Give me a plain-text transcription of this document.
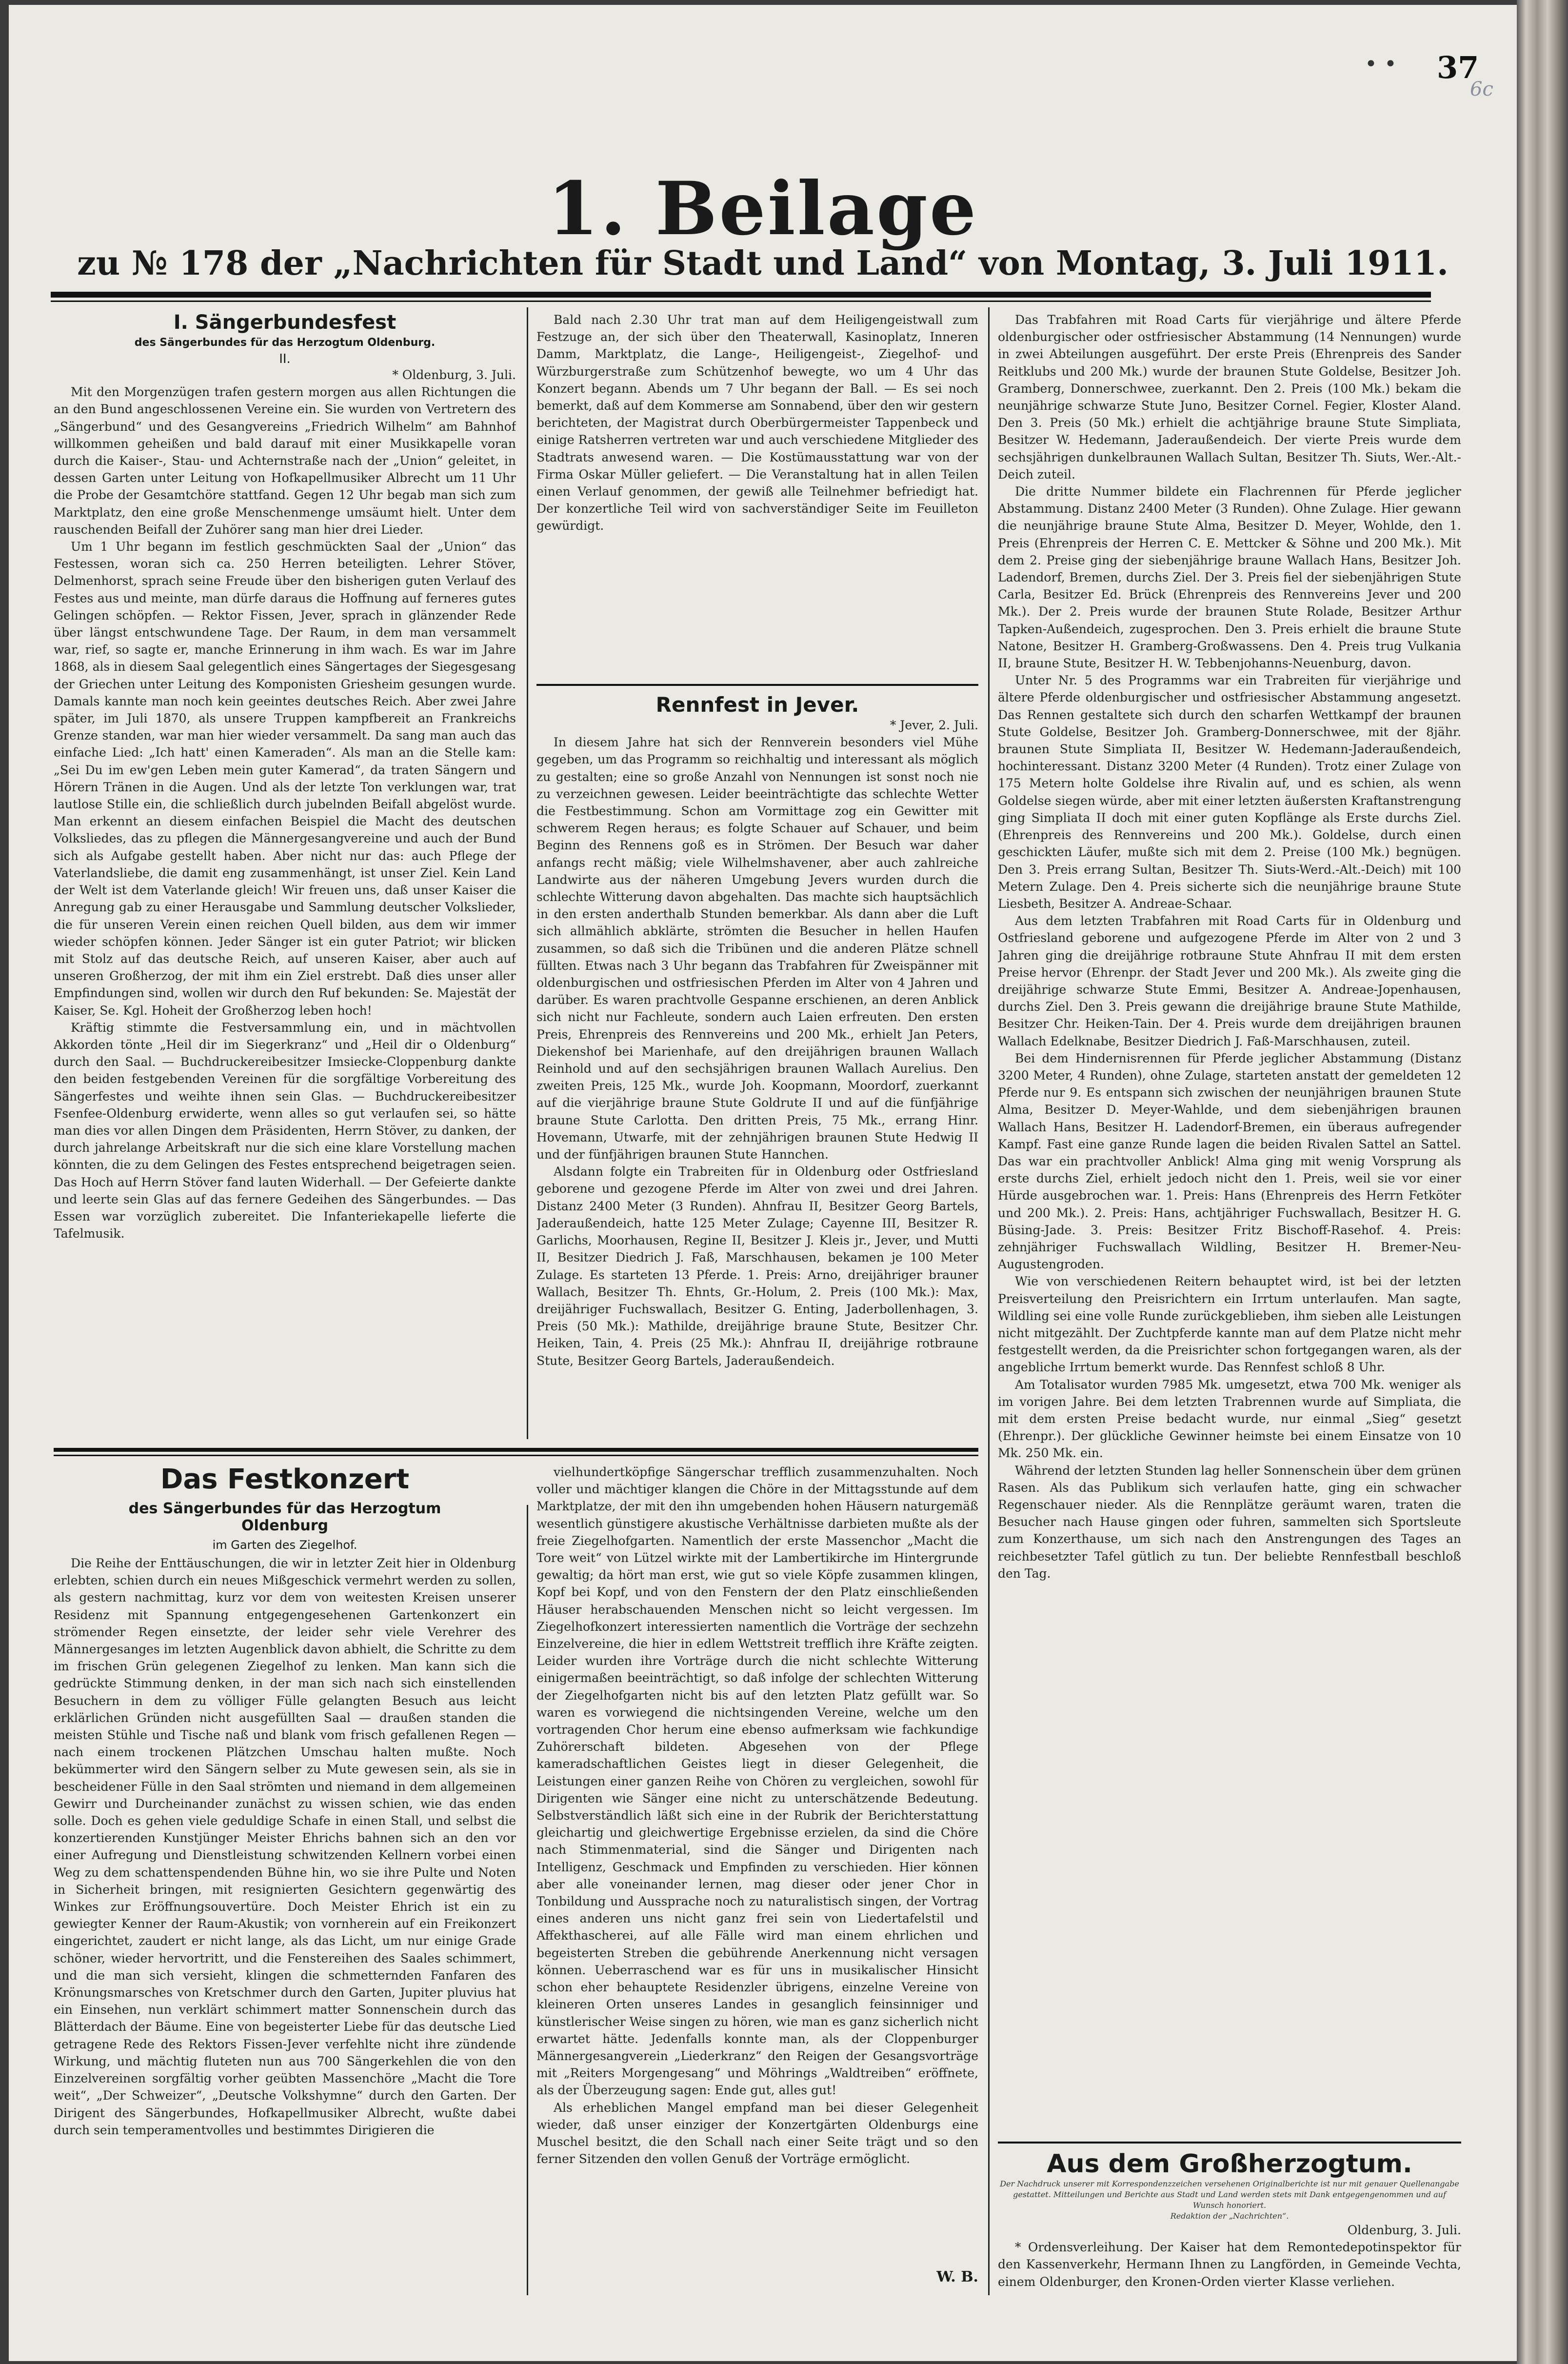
• • 37
6c
1. Beilage
zu № 178 der „Nachrichten für Stadt und Land“ von Montag, 3. Juli 1911.
I. Sängerbundesfest
des Sängerbundes für das Herzogtum Oldenburg.
II.

* Oldenburg, 3. Juli.

Mit den Morgenzügen trafen gestern morgen aus allen Richtungen die an den Bund angeschlossenen Vereine ein. Sie wurden von Vertretern des „Sängerbund“ und des Gesangvereins „Friedrich Wilhelm“ am Bahnhof willkommen geheißen und bald darauf mit einer Musikkapelle voran durch die Kaiser-, Stau- und Achternstraße nach der „Union“ geleitet, in dessen Garten unter Leitung von Hofkapellmusiker Albrecht um 11 Uhr die Probe der Gesamtchöre stattfand. Gegen 12 Uhr begab man sich zum Marktplatz, den eine große Menschenmenge umsäumt hielt. Unter dem rauschenden Beifall der Zuhörer sang man hier drei Lieder.

Um 1 Uhr begann im festlich geschmückten Saal der „Union“ das Festessen, woran sich ca. 250 Herren beteiligten. Lehrer Stöver, Delmenhorst, sprach seine Freude über den bisherigen guten Verlauf des Festes aus und meinte, man dürfe daraus die Hoffnung auf ferneres gutes Gelingen schöpfen. — Rektor Fissen, Jever, sprach in glänzender Rede über längst entschwundene Tage. Der Raum, in dem man versammelt war, rief, so sagte er, manche Erinnerung in ihm wach. Es war im Jahre 1868, als in diesem Saal gelegentlich eines Sängertages der Siegesgesang der Griechen unter Leitung des Komponisten Griesheim gesungen wurde. Damals kannte man noch kein geeintes deutsches Reich. Aber zwei Jahre später, im Juli 1870, als unsere Truppen kampfbereit an Frankreichs Grenze standen, war man hier wieder versammelt. Da sang man auch das einfache Lied: „Ich hatt' einen Kameraden“. Als man an die Stelle kam: „Sei Du im ew'gen Leben mein guter Kamerad“, da traten Sängern und Hörern Tränen in die Augen. Und als der letzte Ton verklungen war, trat lautlose Stille ein, die schließlich durch jubelnden Beifall abgelöst wurde. Man erkennt an diesem einfachen Beispiel die Macht des deutschen Volksliedes, das zu pflegen die Männergesangvereine und auch der Bund sich als Aufgabe gestellt haben. Aber nicht nur das: auch Pflege der Vaterlandsliebe, die damit eng zusammenhängt, ist unser Ziel. Kein Land der Welt ist dem Vaterlande gleich! Wir freuen uns, daß unser Kaiser die Anregung gab zu einer Herausgabe und Sammlung deutscher Volkslieder, die für unseren Verein einen reichen Quell bilden, aus dem wir immer wieder schöpfen können. Jeder Sänger ist ein guter Patriot; wir blicken mit Stolz auf das deutsche Reich, auf unseren Kaiser, aber auch auf unseren Großherzog, der mit ihm ein Ziel erstrebt. Daß dies unser aller Empfindungen sind, wollen wir durch den Ruf bekunden: Se. Majestät der Kaiser, Se. Kgl. Hoheit der Großherzog leben hoch!

Kräftig stimmte die Festversammlung ein, und in mächtvollen Akkorden tönte „Heil dir im Siegerkranz“ und „Heil dir o Oldenburg“ durch den Saal. — Buchdruckereibesitzer Imsiecke-Cloppenburg dankte den beiden festgebenden Vereinen für die sorgfältige Vorbereitung des Sängerfestes und weihte ihnen sein Glas. — Buchdruckereibesitzer Fsenfee-Oldenburg erwiderte, wenn alles so gut verlaufen sei, so hätte man dies vor allen Dingen dem Präsidenten, Herrn Stöver, zu danken, der durch jahrelange Arbeitskraft nur die sich eine klare Vorstellung machen könnten, die zu dem Gelingen des Festes entsprechend beigetragen seien. Das Hoch auf Herrn Stöver fand lauten Widerhall. — Der Gefeierte dankte und leerte sein Glas auf das fernere Gedeihen des Sängerbundes. — Das Essen war vorzüglich zubereitet. Die Infanteriekapelle lieferte die Tafelmusik.

Bald nach 2.30 Uhr trat man auf dem Heiligengeistwall zum Festzuge an, der sich über den Theaterwall, Kasinoplatz, Inneren Damm, Marktplatz, die Lange-, Heiligengeist-, Ziegelhof- und Würzburgerstraße zum Schützenhof bewegte, wo um 4 Uhr das Konzert begann. Abends um 7 Uhr begann der Ball. — Es sei noch bemerkt, daß auf dem Kommerse am Sonnabend, über den wir gestern berichteten, der Magistrat durch Oberbürgermeister Tappenbeck und einige Ratsherren vertreten war und auch verschiedene Mitglieder des Stadtrats anwesend waren. — Die Kostümausstattung war von der Firma Oskar Müller geliefert. — Die Veranstaltung hat in allen Teilen einen Verlauf genommen, der gewiß alle Teilnehmer befriedigt hat. Der konzertliche Teil wird von sachverständiger Seite im Feuilleton gewürdigt.

Rennfest in Jever.

* Jever, 2. Juli.

In diesem Jahre hat sich der Rennverein besonders viel Mühe gegeben, um das Programm so reichhaltig und interessant als möglich zu gestalten; eine so große Anzahl von Nennungen ist sonst noch nie zu verzeichnen gewesen. Leider beeinträchtigte das schlechte Wetter die Festbestimmung. Schon am Vormittage zog ein Gewitter mit schwerem Regen heraus; es folgte Schauer auf Schauer, und beim Beginn des Rennens goß es in Strömen. Der Besuch war daher anfangs recht mäßig; viele Wilhelmshavener, aber auch zahlreiche Landwirte aus der näheren Umgebung Jevers wurden durch die schlechte Witterung davon abgehalten. Das machte sich hauptsächlich in den ersten anderthalb Stunden bemerkbar. Als dann aber die Luft sich allmählich abklärte, strömten die Besucher in hellen Haufen zusammen, so daß sich die Tribünen und die anderen Plätze schnell füllten. Etwas nach 3 Uhr begann das Trabfahren für Zweispänner mit oldenburgischen und ostfriesischen Pferden im Alter von 4 Jahren und darüber. Es waren prachtvolle Gespanne erschienen, an deren Anblick sich nicht nur Fachleute, sondern auch Laien erfreuten. Den ersten Preis, Ehrenpreis des Rennvereins und 200 Mk., erhielt Jan Peters, Diekenshof bei Marienhafe, auf den dreijährigen braunen Wallach Reinhold und auf den sechsjährigen braunen Wallach Aurelius. Den zweiten Preis, 125 Mk., wurde Joh. Koopmann, Moordorf, zuerkannt auf die vierjährige braune Stute Goldrute II und auf die fünfjährige braune Stute Carlotta. Den dritten Preis, 75 Mk., errang Hinr. Hovemann, Utwarfe, mit der zehnjährigen braunen Stute Hedwig II und der fünfjährigen braunen Stute Hannchen.

Alsdann folgte ein Trabreiten für in Oldenburg oder Ostfriesland geborene und gezogene Pferde im Alter von zwei und drei Jahren. Distanz 2400 Meter (3 Runden). Ahnfrau II, Besitzer Georg Bartels, Jaderaußendeich, hatte 125 Meter Zulage; Cayenne III, Besitzer R. Garlichs, Moorhausen, Regine II, Besitzer J. Kleis jr., Jever, und Mutti II, Besitzer Diedrich J. Faß, Marschhausen, bekamen je 100 Meter Zulage. Es starteten 13 Pferde. 1. Preis: Arno, dreijähriger brauner Wallach, Besitzer Th. Ehnts, Gr.-Holum, 2. Preis (100 Mk.): Max, dreijähriger Fuchswallach, Besitzer G. Enting, Jaderbollenhagen, 3. Preis (50 Mk.): Mathilde, dreijährige braune Stute, Besitzer Chr. Heiken, Tain, 4. Preis (25 Mk.): Ahnfrau II, dreijährige rotbraune Stute, Besitzer Georg Bartels, Jaderaußendeich.

Das Trabfahren mit Road Carts für vierjährige und ältere Pferde oldenburgischer oder ostfriesischer Abstammung (14 Nennungen) wurde in zwei Abteilungen ausgeführt. Der erste Preis (Ehrenpreis des Sander Reitklubs und 200 Mk.) wurde der braunen Stute Goldelse, Besitzer Joh. Gramberg, Donnerschwee, zuerkannt. Den 2. Preis (100 Mk.) bekam die neunjährige schwarze Stute Juno, Besitzer Cornel. Fegier, Kloster Aland. Den 3. Preis (50 Mk.) erhielt die achtjährige braune Stute Simpliata, Besitzer W. Hedemann, Jaderaußendeich. Der vierte Preis wurde dem sechsjährigen dunkelbraunen Wallach Sultan, Besitzer Th. Siuts, Wer.-Alt.-Deich zuteil.

Die dritte Nummer bildete ein Flachrennen für Pferde jeglicher Abstammung. Distanz 2400 Meter (3 Runden). Ohne Zulage. Hier gewann die neunjährige braune Stute Alma, Besitzer D. Meyer, Wohlde, den 1. Preis (Ehrenpreis der Herren C. E. Mettcker & Söhne und 200 Mk.). Mit dem 2. Preise ging der siebenjährige braune Wallach Hans, Besitzer Joh. Ladendorf, Bremen, durchs Ziel. Der 3. Preis fiel der siebenjährigen Stute Carla, Besitzer Ed. Brück (Ehrenpreis des Rennvereins Jever und 200 Mk.). Der 2. Preis wurde der braunen Stute Rolade, Besitzer Arthur Tapken-Außendeich, zugesprochen. Den 3. Preis erhielt die braune Stute Natone, Besitzer H. Gramberg-Großwassens. Den 4. Preis trug Vulkania II, braune Stute, Besitzer H. W. Tebbenjohanns-Neuenburg, davon.

Unter Nr. 5 des Programms war ein Trabreiten für vierjährige und ältere Pferde oldenburgischer und ostfriesischer Abstammung angesetzt. Das Rennen gestaltete sich durch den scharfen Wettkampf der braunen Stute Goldelse, Besitzer Joh. Gramberg-Donnerschwee, mit der 8jähr. braunen Stute Simpliata II, Besitzer W. Hedemann-Jaderaußendeich, hochinteressant. Distanz 3200 Meter (4 Runden). Trotz einer Zulage von 175 Metern holte Goldelse ihre Rivalin auf, und es schien, als wenn Goldelse siegen würde, aber mit einer letzten äußersten Kraftanstrengung ging Simpliata II doch mit einer guten Kopflänge als Erste durchs Ziel. (Ehrenpreis des Rennvereins und 200 Mk.). Goldelse, durch einen geschickten Läufer, mußte sich mit dem 2. Preise (100 Mk.) begnügen. Den 3. Preis errang Sultan, Besitzer Th. Siuts-Werd.-Alt.-Deich) mit 100 Metern Zulage. Den 4. Preis sicherte sich die neunjährige braune Stute Liesbeth, Besitzer A. Andreae-Schaar.

Aus dem letzten Trabfahren mit Road Carts für in Oldenburg und Ostfriesland geborene und aufgezogene Pferde im Alter von 2 und 3 Jahren ging die dreijährige rotbraune Stute Ahnfrau II mit dem ersten Preise hervor (Ehrenpr. der Stadt Jever und 200 Mk.). Als zweite ging die dreijährige schwarze Stute Emmi, Besitzer A. Andreae-Jopenhausen, durchs Ziel. Den 3. Preis gewann die dreijährige braune Stute Mathilde, Besitzer Chr. Heiken-Tain. Der 4. Preis wurde dem dreijährigen braunen Wallach Edelknabe, Besitzer Diedrich J. Faß-Marschhausen, zuteil.

Bei dem Hindernisrennen für Pferde jeglicher Abstammung (Distanz 3200 Meter, 4 Runden), ohne Zulage, starteten anstatt der gemeldeten 12 Pferde nur 9. Es entspann sich zwischen der neunjährigen braunen Stute Alma, Besitzer D. Meyer-Wahlde, und dem siebenjährigen braunen Wallach Hans, Besitzer H. Ladendorf-Bremen, ein überaus aufregender Kampf. Fast eine ganze Runde lagen die beiden Rivalen Sattel an Sattel. Das war ein prachtvoller Anblick! Alma ging mit wenig Vorsprung als erste durchs Ziel, erhielt jedoch nicht den 1. Preis, weil sie vor einer Hürde ausgebrochen war. 1. Preis: Hans (Ehrenpreis des Herrn Fetköter und 200 Mk.). 2. Preis: Hans, achtjähriger Fuchswallach, Besitzer H. G. Büsing-Jade. 3. Preis: Besitzer Fritz Bischoff-Rasehof. 4. Preis: zehnjähriger Fuchswallach Wildling, Besitzer H. Bremer-Neu-Augustengroden.

Wie von verschiedenen Reitern behauptet wird, ist bei der letzten Preisverteilung den Preisrichtern ein Irrtum unterlaufen. Man sagte, Wildling sei eine volle Runde zurückgeblieben, ihm sieben alle Leistungen nicht mitgezählt. Der Zuchtpferde kannte man auf dem Platze nicht mehr festgestellt werden, da die Preisrichter schon fortgegangen waren, als der angebliche Irrtum bemerkt wurde. Das Rennfest schloß 8 Uhr.

Am Totalisator wurden 7985 Mk. umgesetzt, etwa 700 Mk. weniger als im vorigen Jahre. Bei dem letzten Trabrennen wurde auf Simpliata, die mit dem ersten Preise bedacht wurde, nur einmal „Sieg“ gesetzt (Ehrenpr.). Der glückliche Gewinner heimste bei einem Einsatze von 10 Mk. 250 Mk. ein.

Während der letzten Stunden lag heller Sonnenschein über dem grünen Rasen. Als das Publikum sich verlaufen hatte, ging ein schwacher Regenschauer nieder. Als die Rennplätze geräumt waren, traten die Besucher nach Hause gingen oder fuhren, sammelten sich Sportsleute zum Konzerthause, um sich nach den Anstrengungen des Tages an reichbesetzter Tafel gütlich zu tun. Der beliebte Rennfestball beschloß den Tag.

Das Festkonzert
des Sängerbundes für das Herzogtum
Oldenburg
im Garten des Ziegelhof.

Die Reihe der Enttäuschungen, die wir in letzter Zeit hier in Oldenburg erlebten, schien durch ein neues Mißgeschick vermehrt werden zu sollen, als gestern nachmittag, kurz vor dem von weitesten Kreisen unserer Residenz mit Spannung entgegengesehenen Gartenkonzert ein strömender Regen einsetzte, der leider sehr viele Verehrer des Männergesanges im letzten Augenblick davon abhielt, die Schritte zu dem im frischen Grün gelegenen Ziegelhof zu lenken. Man kann sich die gedrückte Stimmung denken, in der man sich nach sich einstellenden Besuchern in dem zu völliger Fülle gelangten Besuch aus leicht erklärlichen Gründen nicht ausgefüllten Saal — draußen standen die meisten Stühle und Tische naß und blank vom frisch gefallenen Regen — nach einem trockenen Plätzchen Umschau halten mußte. Noch bekümmerter wird den Sängern selber zu Mute gewesen sein, als sie in bescheidener Fülle in den Saal strömten und niemand in dem allgemeinen Gewirr und Durcheinander zunächst zu wissen schien, wie das enden solle. Doch es gehen viele geduldige Schafe in einen Stall, und selbst die konzertierenden Kunstjünger Meister Ehrichs bahnen sich an den vor einer Aufregung und Dienstleistung schwitzenden Kellnern vorbei einen Weg zu dem schattenspendenden Bühne hin, wo sie ihre Pulte und Noten in Sicherheit bringen, mit resignierten Gesichtern gegenwärtig des Winkes zur Eröffnungsouvertüre. Doch Meister Ehrich ist ein zu gewiegter Kenner der Raum-Akustik; von vornherein auf ein Freikonzert eingerichtet, zaudert er nicht lange, als das Licht, um nur einige Grade schöner, wieder hervortritt, und die Fenstereihen des Saales schimmert, und die man sich versieht, klingen die schmetternden Fanfaren des Krönungsmarsches von Kretschmer durch den Garten, Jupiter pluvius hat ein Einsehen, nun verklärt schimmert matter Sonnenschein durch das Blätterdach der Bäume. Eine von begeisterter Liebe für das deutsche Lied getragene Rede des Rektors Fissen-Jever verfehlte nicht ihre zündende Wirkung, und mächtig fluteten nun aus 700 Sängerkehlen die von den Einzelvereinen sorgfältig vorher geübten Massenchöre „Macht die Tore weit“, „Der Schweizer“, „Deutsche Volkshymne“ durch den Garten. Der Dirigent des Sängerbundes, Hofkapellmusiker Albrecht, wußte dabei durch sein temperamentvolles und bestimmtes Dirigieren die

vielhundertköpfige Sängerschar trefflich zusammenzuhalten. Noch voller und mächtiger klangen die Chöre in der Mittagsstunde auf dem Marktplatze, der mit den ihn umgebenden hohen Häusern naturgemäß wesentlich günstigere akustische Verhältnisse darbieten mußte als der freie Ziegelhofgarten. Namentlich der erste Massenchor „Macht die Tore weit“ von Lützel wirkte mit der Lambertikirche im Hintergrunde gewaltig; da hört man erst, wie gut so viele Köpfe zusammen klingen, Kopf bei Kopf, und von den Fenstern der den Platz einschließenden Häuser herabschauenden Menschen nicht so leicht vergessen. Im Ziegelhofkonzert interessierten namentlich die Vorträge der sechzehn Einzelvereine, die hier in edlem Wettstreit trefflich ihre Kräfte zeigten. Leider wurden ihre Vorträge durch die nicht schlechte Witterung einigermaßen beeinträchtigt, so daß infolge der schlechten Witterung der Ziegelhofgarten nicht bis auf den letzten Platz gefüllt war. So waren es vorwiegend die nichtsingenden Vereine, welche um den vortragenden Chor herum eine ebenso aufmerksam wie fachkundige Zuhörerschaft bildeten. Abgesehen von der Pflege kameradschaftlichen Geistes liegt in dieser Gelegenheit, die Leistungen einer ganzen Reihe von Chören zu vergleichen, sowohl für Dirigenten wie Sänger eine nicht zu unterschätzende Bedeutung. Selbstverständlich läßt sich eine in der Rubrik der Berichterstattung gleichartig und gleichwertige Ergebnisse erzielen, da sind die Chöre nach Stimmenmaterial, sind die Sänger und Dirigenten nach Intelligenz, Geschmack und Empfinden zu verschieden. Hier können aber alle voneinander lernen, mag dieser oder jener Chor in Tonbildung und Aussprache noch zu naturalistisch singen, der Vortrag eines anderen uns nicht ganz frei sein von Liedertafelstil und Affekthascherei, auf alle Fälle wird man einem ehrlichen und begeisterten Streben die gebührende Anerkennung nicht versagen können. Ueberraschend war es für uns in musikalischer Hinsicht schon eher behauptete Residenzler übrigens, einzelne Vereine von kleineren Orten unseres Landes in gesanglich feinsinniger und künstlerischer Weise singen zu hören, wie man es ganz sicherlich nicht erwartet hätte. Jedenfalls konnte man, als der Cloppenburger Männergesangverein „Liederkranz“ den Reigen der Gesangsvorträge mit „Reiters Morgengesang“ und Möhrings „Waldtreiben“ eröffnete, als der Überzeugung sagen: Ende gut, alles gut!

Als erheblichen Mangel empfand man bei dieser Gelegenheit wieder, daß unser einziger der Konzertgärten Oldenburgs eine Muschel besitzt, die den Schall nach einer Seite trägt und so den ferner Sitzenden den vollen Genuß der Vorträge ermöglicht.

W. B.
Aus dem Großherzogtum.
Der Nachdruck unserer mit Korrespondenzzeichen versehenen Originalberichte ist nur mit genauer Quellenangabe gestattet. Mitteilungen und Berichte aus Stadt und Land werden stets mit Dank entgegengenommen und auf Wunsch honoriert.
Redaktion der „Nachrichten“.

Oldenburg, 3. Juli.

* Ordensverleihung. Der Kaiser hat dem Remontedepotinspektor für den Kassenverkehr, Hermann Ihnen zu Langförden, in Gemeinde Vechta, einem Oldenburger, den Kronen-Orden vierter Klasse verliehen.
